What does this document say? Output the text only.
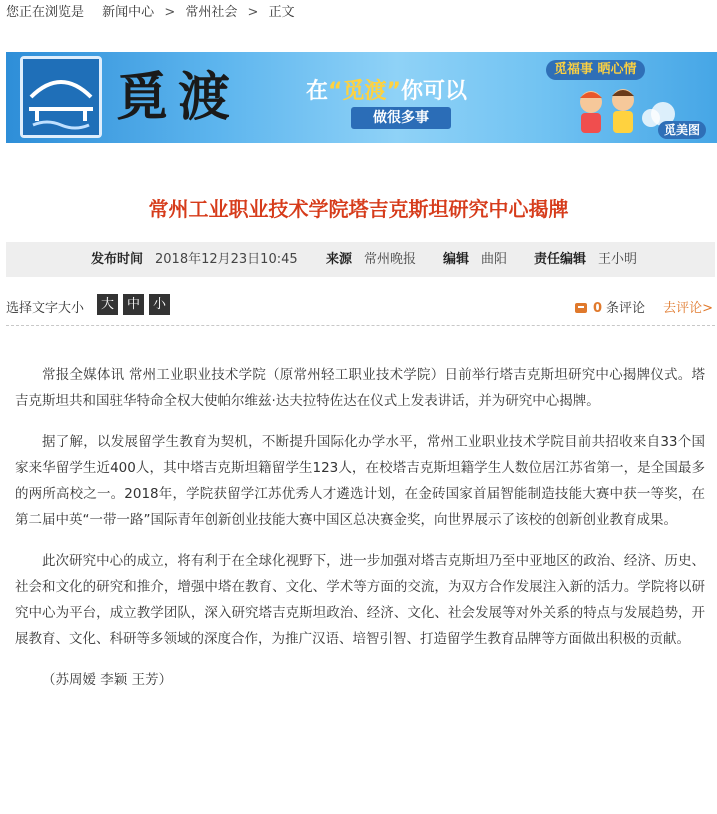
您正在浏览是 新闻中心 > 常州社会 > 正文
覓渡	在“觅渡”你可以
做很多事
觅福事 晒心情
觅美图
常州工业职业技术学院塔吉克斯坦研究中心揭牌
发布时间 2018年12月23日10:45 来源 常州晚报 编辑 曲阳 责任编辑 王小明
选择文字大小	大 中 小	0 条评论 去评论>

常报全媒体讯 常州工业职业技术学院（原常州轻工职业技术学院）日前举行塔吉克斯坦研究中心揭牌仪式。塔吉克斯坦共和国驻华特命全权大使帕尔维兹·达夫拉特佐达在仪式上发表讲话，并为研究中心揭牌。

据了解，以发展留学生教育为契机，不断提升国际化办学水平，常州工业职业技术学院目前共招收来自33个国家来华留学生近400人，其中塔吉克斯坦籍留学生123人，在校塔吉克斯坦籍学生人数位居江苏省第一，是全国最多的两所高校之一。2018年，学院获留学江苏优秀人才遴选计划，在金砖国家首届智能制造技能大赛中获一等奖，在第二届中英“一带一路”国际青年创新创业技能大赛中国区总决赛金奖，向世界展示了该校的创新创业教育成果。

此次研究中心的成立，将有利于在全球化视野下，进一步加强对塔吉克斯坦乃至中亚地区的政治、经济、历史、社会和文化的研究和推介，增强中塔在教育、文化、学术等方面的交流，为双方合作发展注入新的活力。学院将以研究中心为平台，成立教学团队，深入研究塔吉克斯坦政治、经济、文化、社会发展等对外关系的特点与发展趋势，开展教育、文化、科研等多领域的深度合作，为推广汉语、培智引智、打造留学生教育品牌等方面做出积极的贡献。

（苏周嫒 李颖 王芳）
